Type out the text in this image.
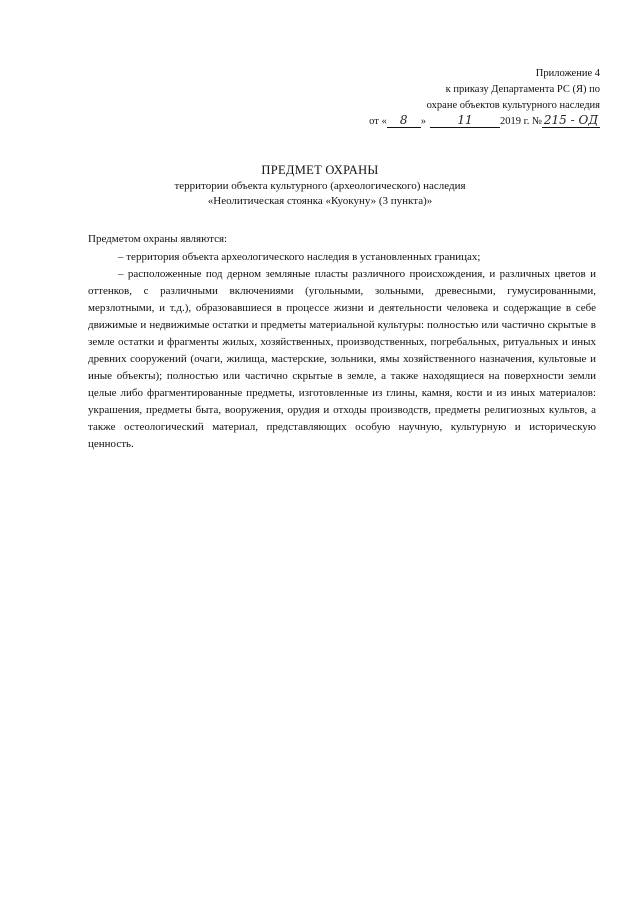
Приложение 4
к приказу Департамента РС (Я) по
охране объектов культурного наследия
от «	8	»	11	2019 г. № 215 - ОД
ПРЕДМЕТ ОХРАНЫ
территории объекта культурного (археологического) наследия
«Неолитическая стоянка «Куокуну» (3 пункта)»

Предметом охраны являются:

– территория объекта археологического наследия в установленных границах;

– расположенные под дерном земляные пласты различного происхождения, и различных цветов и оттенков, с различными включениями (угольными, зольными, древесными, гумусированными, мерзлотными, и т.д.), образовавшиеся в процессе жизни и деятельности человека и содержащие в себе движимые и недвижимые остатки и предметы материальной культуры: полностью или частично скрытые в земле остатки и фрагменты жилых, хозяйственных, производственных, погребальных, ритуальных и иных древних сооружений (очаги, жилища, мастерские, зольники, ямы хозяйственного назначения, культовые и иные объекты); полностью или частично скрытые в земле, а также находящиеся на поверхности земли целые либо фрагментированные предметы, изготовленные из глины, камня, кости и из иных материалов: украшения, предметы быта, вооружения, орудия и отходы производств, предметы религиозных культов, а также остеологический материал, представляющих особую научную, культурную и историческую ценность.
